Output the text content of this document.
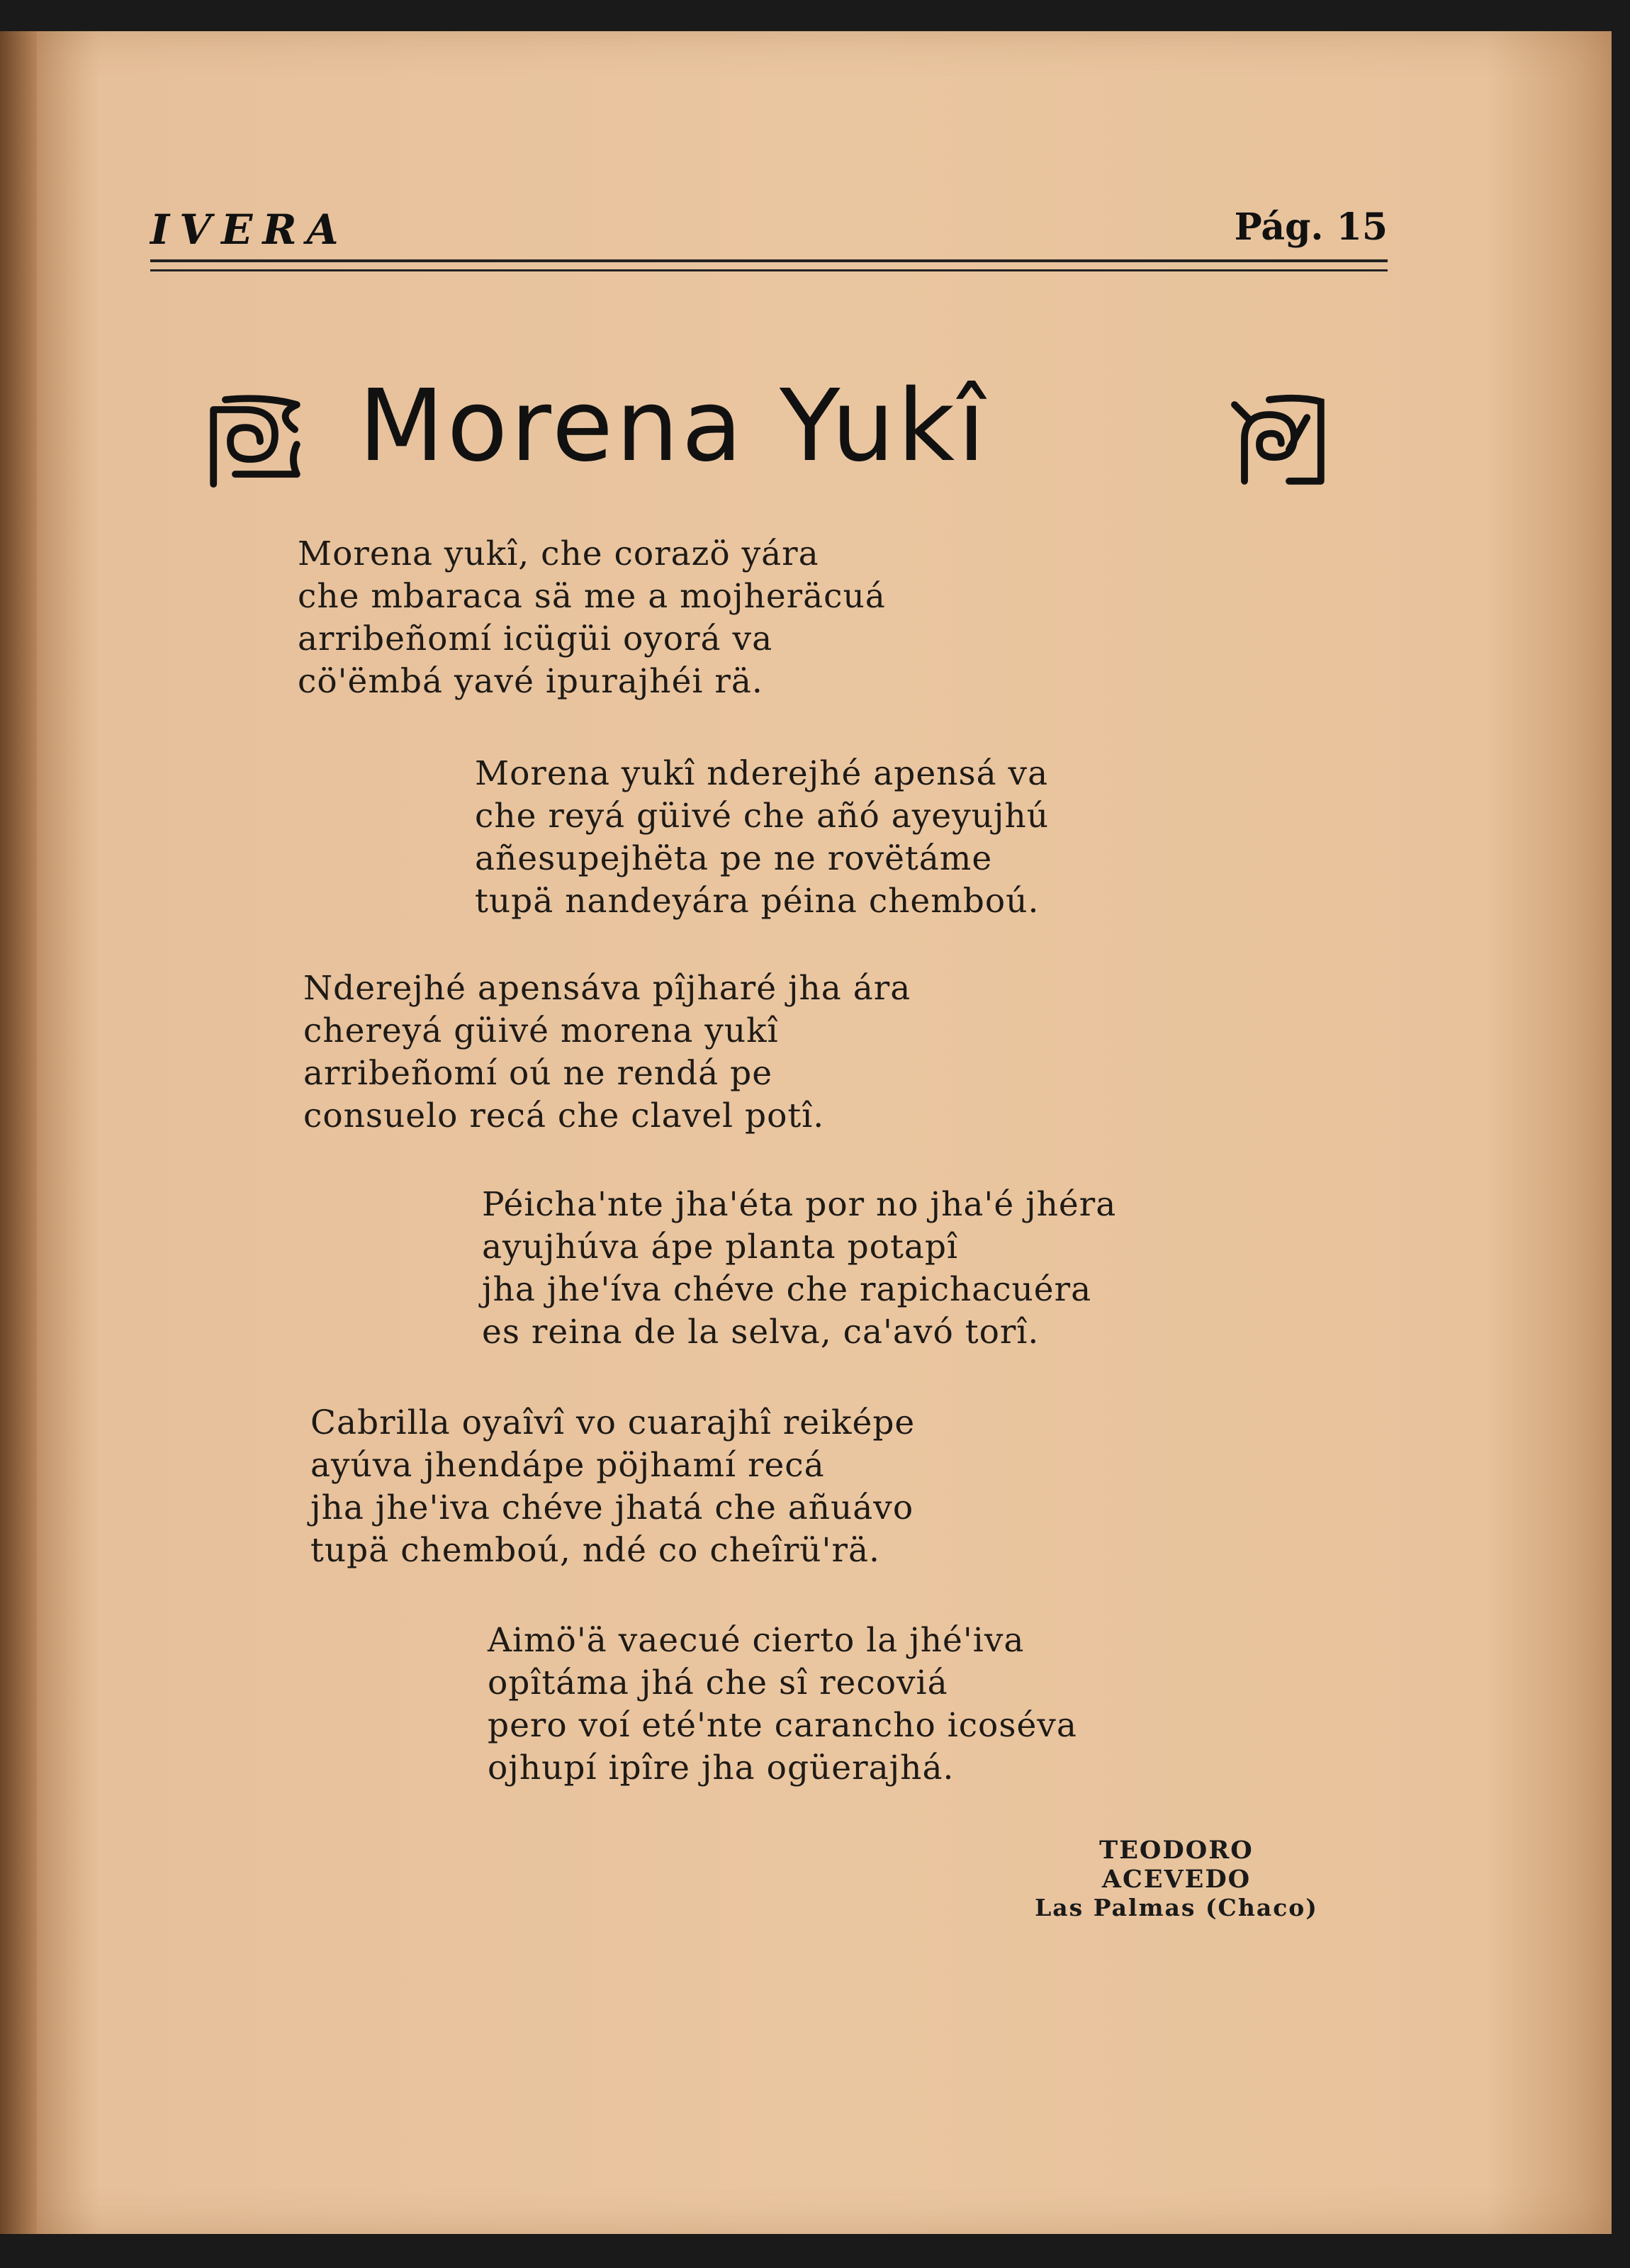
IVERA	Pág. 15
Morena Yukî
Morena yukî, che corazö yára
che mbaraca sä me a mojheräcuá
arribeñomí icügüi oyorá va
cö'ëmbá yavé ipurajhéi rä.
Morena yukî nderejhé apensá va
che reyá güivé che añó ayeyujhú
añesupejhëta pe ne rovëtáme
tupä nandeyára péina chemboú.
Nderejhé apensáva pîjharé jha ára
chereyá güivé morena yukî
arribeñomí oú ne rendá pe
consuelo recá che clavel potî.
Péicha'nte jha'éta por no jha'é jhéra
ayujhúva ápe planta potapî
jha jhe'íva chéve che rapichacuéra
es reina de la selva, ca'avó torî.
Cabrilla oyaîvî vo cuarajhî reiképe
ayúva jhendápe pöjhamí recá
jha jhe'iva chéve jhatá che añuávo
tupä chemboú, ndé co cheîrü'rä.
Aimö'ä vaecué cierto la jhé'iva
opîtáma jhá che sî recoviá
pero voí eté'nte carancho icoséva
ojhupí ipîre jha ogüerajhá.
TEODORO ACEVEDO
Las Palmas (Chaco)
